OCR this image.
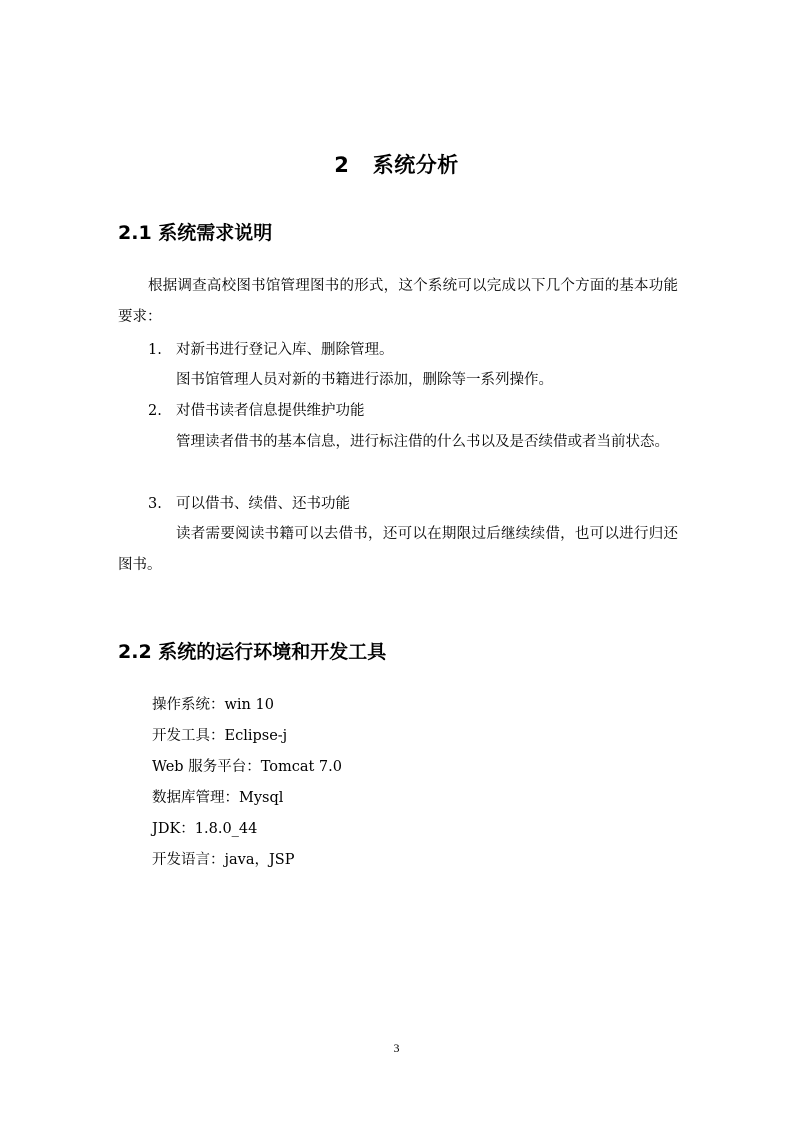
2   系统分析
2.1 系统需求说明
根据调查高校图书馆管理图书的形式，这个系统可以完成以下几个方面的基本功能要求：
1. 对新书进行登记入库、删除管理。
图书馆管理人员对新的书籍进行添加，删除等一系列操作。
2. 对借书读者信息提供维护功能
管理读者借书的基本信息，进行标注借的什么书以及是否续借或者当前状态。
3. 可以借书、续借、还书功能
读者需要阅读书籍可以去借书，还可以在期限过后继续续借，也可以进行归还图书。
2.2 系统的运行环境和开发工具
操作系统：win 10
开发工具：Eclipse-j
Web 服务平台：Tomcat 7.0
数据库管理：Mysql
JDK：1.8.0_44
开发语言：java，JSP
3
